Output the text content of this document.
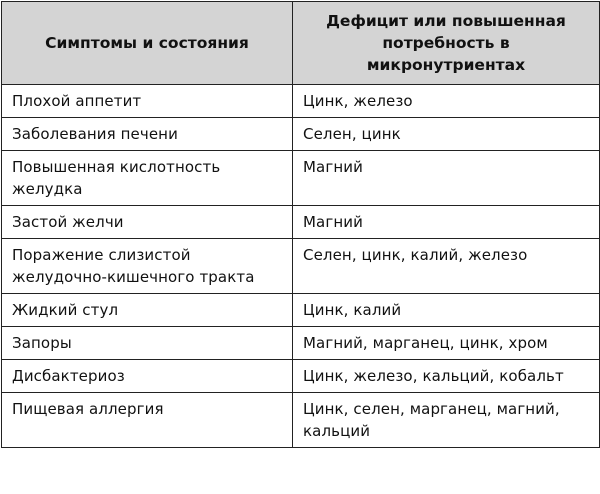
Симптомы и состояния	Дефицит или повышенная потребность в микронутриентах
Плохой аппетит	Цинк, железо
Заболевания печени	Селен, цинк
Повышенная кислотность желудка	Магний
Застой желчи	Магний
Поражение слизистой желудочно-кишечного тракта	Селен, цинк, калий, железо
Жидкий стул	Цинк, калий
Запоры	Магний, марганец, цинк, хром
Дисбактериоз	Цинк, железо, кальций, кобальт
Пищевая аллергия	Цинк, селен, марганец, магний, кальций
